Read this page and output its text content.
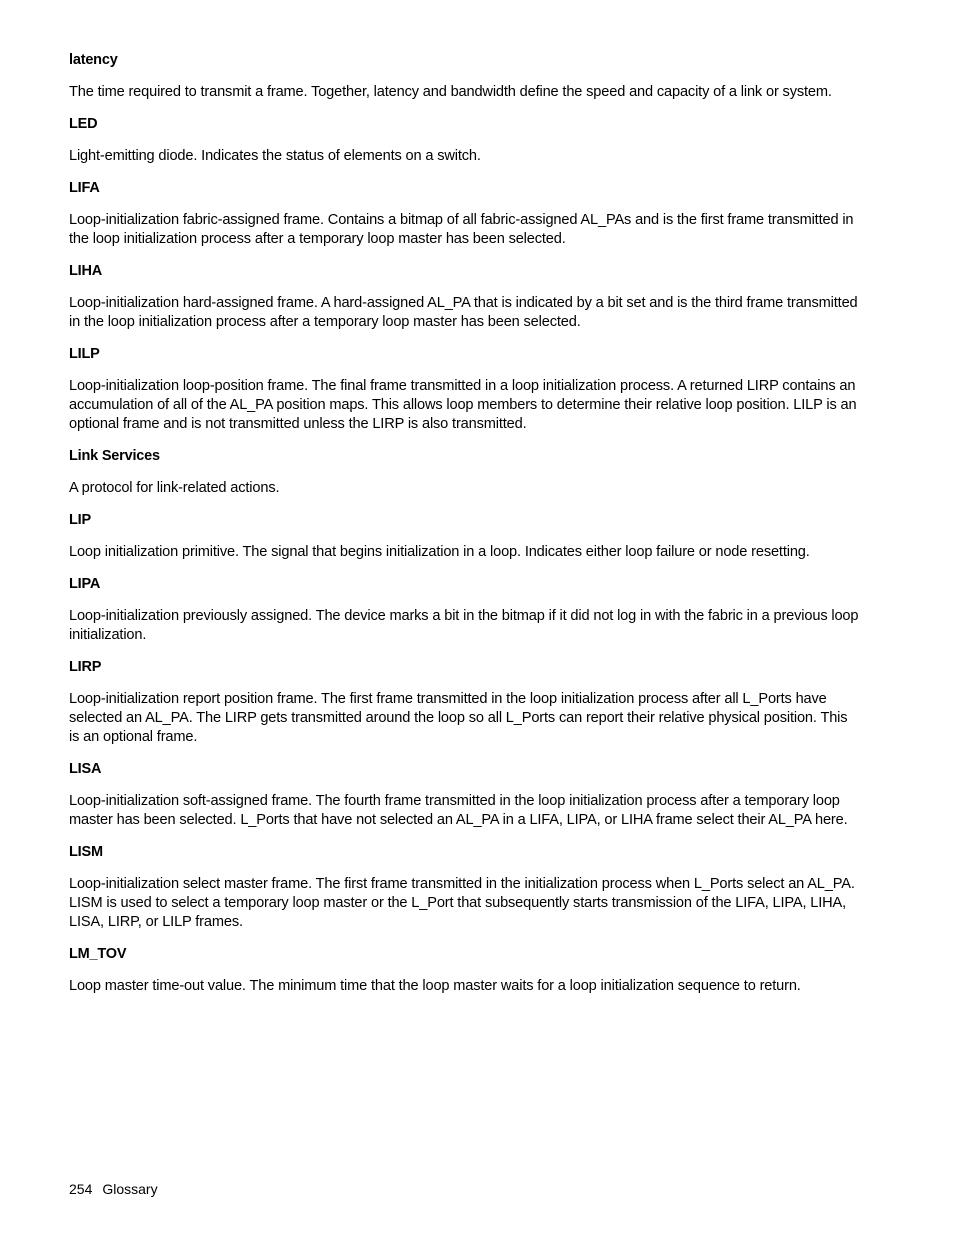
latency
The time required to transmit a frame. Together, latency and bandwidth define the speed and capacity of a link or system.
LED
Light-emitting diode. Indicates the status of elements on a switch.
LIFA
Loop-initialization fabric-assigned frame. Contains a bitmap of all fabric-assigned AL_PAs and is the first frame transmitted in the loop initialization process after a temporary loop master has been selected.
LIHA
Loop-initialization hard-assigned frame. A hard-assigned AL_PA that is indicated by a bit set and is the third frame transmitted in the loop initialization process after a temporary loop master has been selected.
LILP
Loop-initialization loop-position frame. The final frame transmitted in a loop initialization process. A returned LIRP contains an accumulation of all of the AL_PA position maps. This allows loop members to determine their relative loop position. LILP is an optional frame and is not transmitted unless the LIRP is also transmitted.
Link Services
A protocol for link-related actions.
LIP
Loop initialization primitive. The signal that begins initialization in a loop. Indicates either loop failure or node resetting.
LIPA
Loop-initialization previously assigned. The device marks a bit in the bitmap if it did not log in with the fabric in a previous loop initialization.
LIRP
Loop-initialization report position frame. The first frame transmitted in the loop initialization process after all L_Ports have selected an AL_PA. The LIRP gets transmitted around the loop so all L_Ports can report their relative physical position. This is an optional frame.
LISA
Loop-initialization soft-assigned frame. The fourth frame transmitted in the loop initialization process after a temporary loop master has been selected. L_Ports that have not selected an AL_PA in a LIFA, LIPA, or LIHA frame select their AL_PA here.
LISM
Loop-initialization select master frame. The first frame transmitted in the initialization process when L_Ports select an AL_PA. LISM is used to select a temporary loop master or the L_Port that subsequently starts transmission of the LIFA, LIPA, LIHA, LISA, LIRP, or LILP frames.
LM_TOV
Loop master time-out value. The minimum time that the loop master waits for a loop initialization sequence to return.
254 Glossary
